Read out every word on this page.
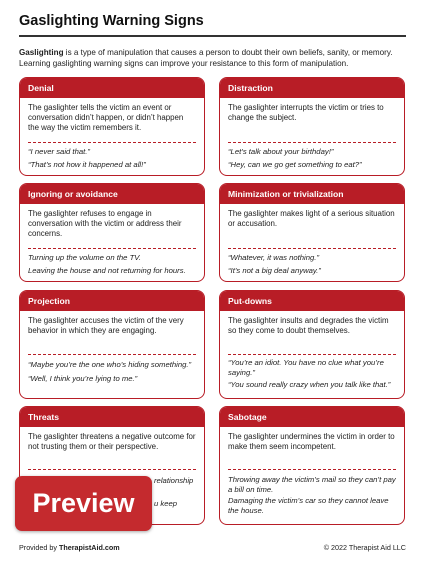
Gaslighting Warning Signs

Gaslighting is a type of manipulation that causes a person to doubt their own beliefs, sanity, or memory. Learning gaslighting warning signs can improve your resistance to this form of manipulation.

Denial
The gaslighter tells the victim an event or conversation didn’t happen, or didn’t happen the way the victim remembers it.
“I never said that.”
“That’s not how it happened at all!”
Distraction
The gaslighter interrupts the victim or tries to change the subject.
“Let’s talk about your birthday!”
“Hey, can we go get something to eat?”
Ignoring or avoidance
The gaslighter refuses to engage in conversation with the victim or address their concerns.
Turning up the volume on the TV.
Leaving the house and not returning for hours.
Minimization or trivialization
The gaslighter makes light of a serious situation or accusation.
“Whatever, it was nothing.”
“It’s not a big deal anyway.”
Projection
The gaslighter accuses the victim of the very behavior in which they are engaging.
“Maybe you’re the one who’s hiding something.”
“Well, I think you’re lying to me.”
Put-downs
The gaslighter insults and degrades the victim so they come to doubt themselves.
“You’re an idiot. You have no clue what you’re saying.”
“You sound really crazy when you talk like that.”
Threats
The gaslighter threatens a negative outcome for not trusting them or their perspective.
relationship
u keep
Sabotage
The gaslighter undermines the victim in order to make them seem incompetent.
Throwing away the victim’s mail so they can’t pay a bill on time.
Damaging the victim’s car so they cannot leave the house.
Provided by TherapistAid.com	© 2022 Therapist Aid LLC
Preview
